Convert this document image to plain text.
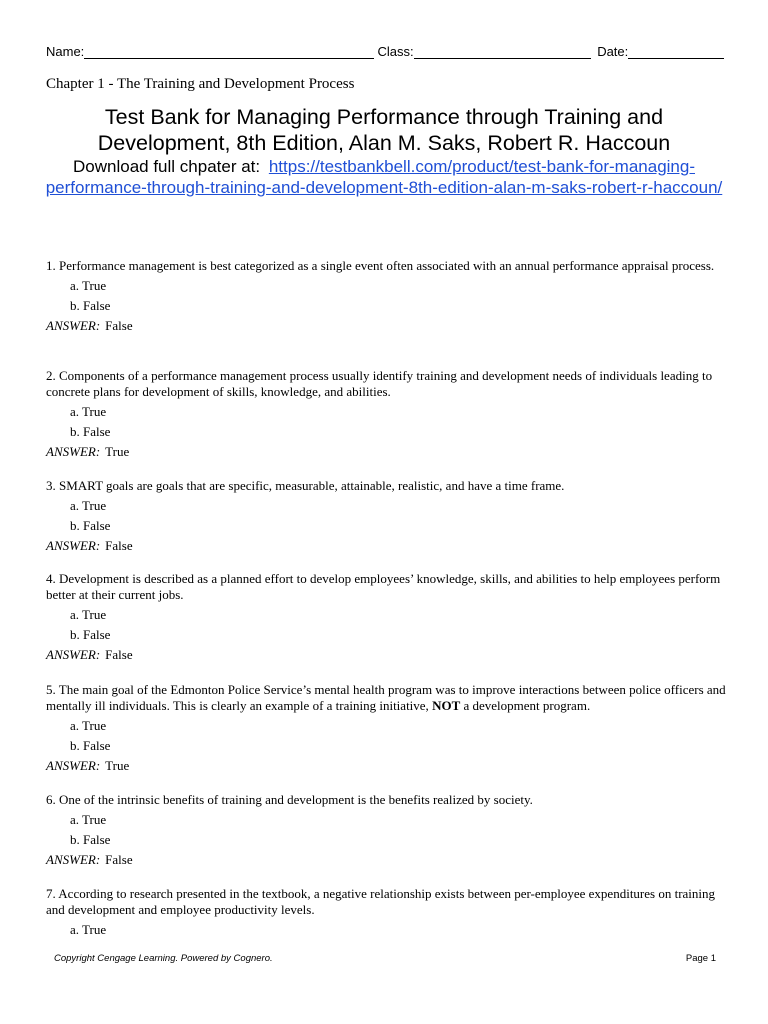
Name:	Class:	Date:
Chapter 1 - The Training and Development Process
Test Bank for Managing Performance through Training and Development, 8th Edition, Alan M. Saks, Robert R. Haccoun
Download full chpater at: https://testbankbell.com/product/test-bank-for-managing-performance-through-training-and-development-8th-edition-alan-m-saks-robert-r-haccoun/

1. Performance management is best categorized as a single event often associated with an annual performance appraisal process.

a. True
b. False
ANSWER: False

2. Components of a performance management process usually identify training and development needs of individuals leading to concrete plans for development of skills, knowledge, and abilities.

a. True
b. False
ANSWER: True

3. SMART goals are goals that are specific, measurable, attainable, realistic, and have a time frame.

a. True
b. False
ANSWER: False

4. Development is described as a planned effort to develop employees’ knowledge, skills, and abilities to help employees perform better at their current jobs.

a. True
b. False
ANSWER: False

5. The main goal of the Edmonton Police Service’s mental health program was to improve interactions between police officers and mentally ill individuals. This is clearly an example of a training initiative, NOT a development program.

a. True
b. False
ANSWER: True

6. One of the intrinsic benefits of training and development is the benefits realized by society.

a. True
b. False
ANSWER: False

7. According to research presented in the textbook, a negative relationship exists between per-employee expenditures on training and development and employee productivity levels.

a. True
Copyright Cengage Learning. Powered by Cognero.	Page 1
